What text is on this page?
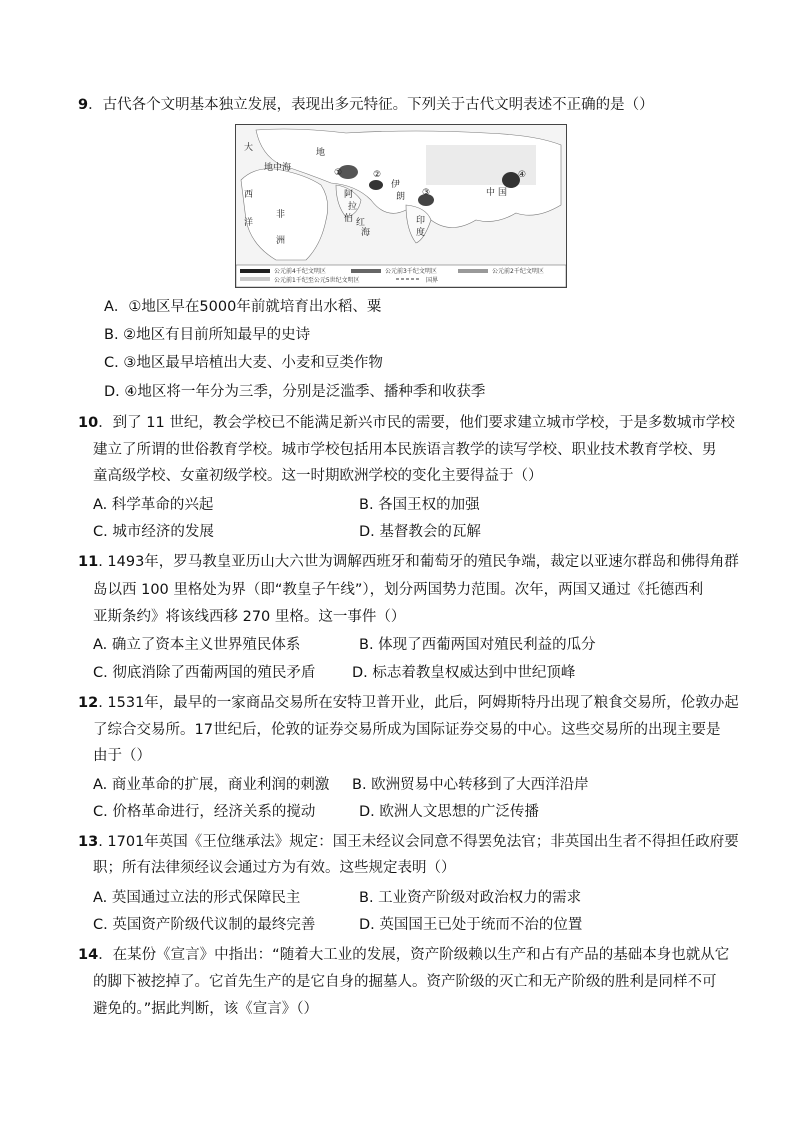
9．古代各个文明基本独立发展，表现出多元特征。下列关于古代文明表述不正确的是（）
大	地
西
洋
非
洲
印
度
阿
拉
伯
伊
朗	中 国
地中海
红
海
①	②
③
④
公元前4千纪文明区	公元前3千纪文明区	公元前2千纪文明区
公元前1千纪至公元5世纪文明区	国界
A．①地区早在5000年前就培育出水稻、粟
B. ②地区有目前所知最早的史诗
C. ③地区最早培植出大麦、小麦和豆类作物
D. ④地区将一年分为三季，分别是泛滥季、播种季和收获季
10．到了 11 世纪，教会学校已不能满足新兴市民的需要，他们要求建立城市学校，于是多数城市学校
建立了所谓的世俗教育学校。城市学校包括用本民族语言教学的读写学校、职业技术教育学校、男
童高级学校、女童初级学校。这一时期欧洲学校的变化主要得益于（）
A. 科学革命的兴起	B. 各国王权的加强
C. 城市经济的发展	D. 基督教会的瓦解
11. 1493年，罗马教皇亚历山大六世为调解西班牙和葡萄牙的殖民争端，裁定以亚速尔群岛和佛得角群
岛以西 100 里格处为界（即“教皇子午线”），划分两国势力范围。次年，两国又通过《托德西利
亚斯条约》将该线西移 270 里格。这一事件（）
A. 确立了资本主义世界殖民体系	B. 体现了西葡两国对殖民利益的瓜分
C. 彻底消除了西葡两国的殖民矛盾	D. 标志着教皇权威达到中世纪顶峰
12. 1531年，最早的一家商品交易所在安特卫普开业，此后，阿姆斯特丹出现了粮食交易所，伦敦办起
了综合交易所。17世纪后，伦敦的证券交易所成为国际证券交易的中心。这些交易所的出现主要是
由于（）
A. 商业革命的扩展，商业利润的刺激 B. 欧洲贸易中心转移到了大西洋沿岸
C. 价格革命进行，经济关系的搅动	D. 欧洲人文思想的广泛传播
13. 1701年英国《王位继承法》规定：国王未经议会同意不得罢免法官；非英国出生者不得担任政府要
职；所有法律须经议会通过方为有效。这些规定表明（）
A. 英国通过立法的形式保障民主	B. 工业资产阶级对政治权力的需求
C. 英国资产阶级代议制的最终完善	D. 英国国王已处于统而不治的位置
14．在某份《宣言》中指出：“随着大工业的发展，资产阶级赖以生产和占有产品的基础本身也就从它
的脚下被挖掉了。它首先生产的是它自身的掘墓人。资产阶级的灭亡和无产阶级的胜利是同样不可
避免的。”据此判断，该《宣言》（）
